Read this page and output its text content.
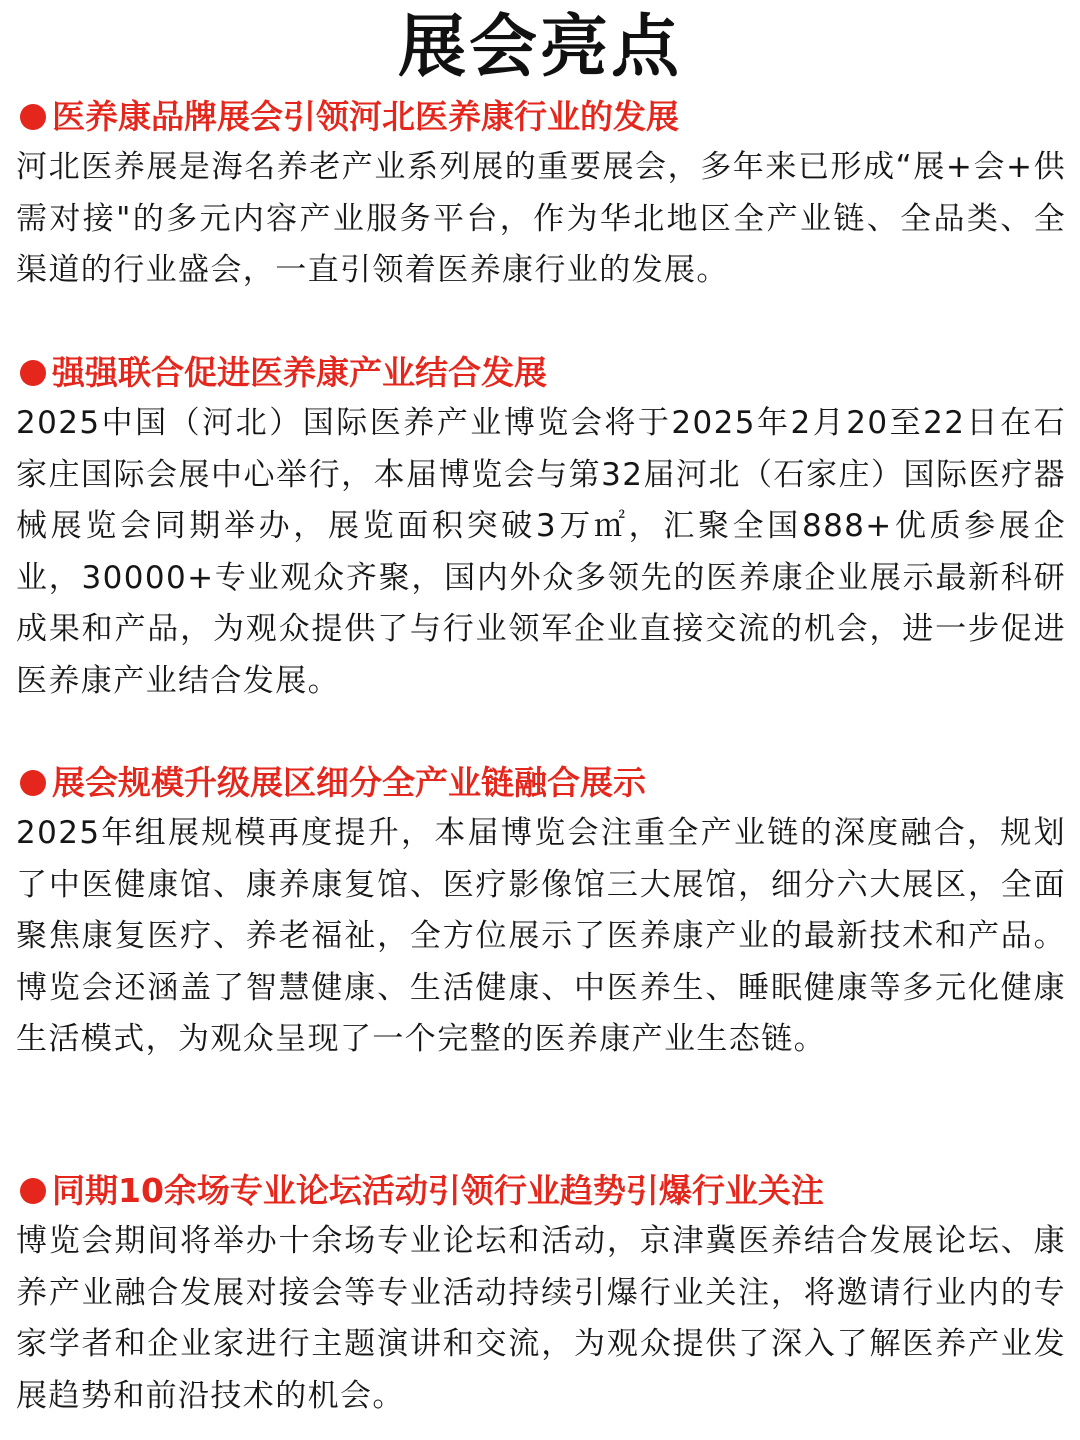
展会亮点
医养康品牌展会引领河北医养康行业的发展
河北医养展是海名养老产业系列展的重要展会，多年来已形成“展+会+供需对接"的多元内容产业服务平台，作为华北地区全产业链、全品类、全渠道的行业盛会，一直引领着医养康行业的发展。
强强联合促进医养康产业结合发展
2025中国（河北）国际医养产业博览会将于2025年2月20至22日在石家庄国际会展中心举行，本届博览会与第32届河北（石家庄）国际医疗器械展览会同期举办，展览面积突破3万㎡，汇聚全国888+优质参展企业，30000+专业观众齐聚，国内外众多领先的医养康企业展示最新科研成果和产品，为观众提供了与行业领军企业直接交流的机会，进一步促进医养康产业结合发展。
展会规模升级展区细分全产业链融合展示
2025年组展规模再度提升，本届博览会注重全产业链的深度融合，规划了中医健康馆、康养康复馆、医疗影像馆三大展馆，细分六大展区，全面聚焦康复医疗、养老福祉，全方位展示了医养康产业的最新技术和产品。博览会还涵盖了智慧健康、生活健康、中医养生、睡眠健康等多元化健康生活模式，为观众呈现了一个完整的医养康产业生态链。
同期10余场专业论坛活动引领行业趋势引爆行业关注
博览会期间将举办十余场专业论坛和活动，京津冀医养结合发展论坛、康养产业融合发展对接会等专业活动持续引爆行业关注，将邀请行业内的专家学者和企业家进行主题演讲和交流，为观众提供了深入了解医养产业发展趋势和前沿技术的机会。
